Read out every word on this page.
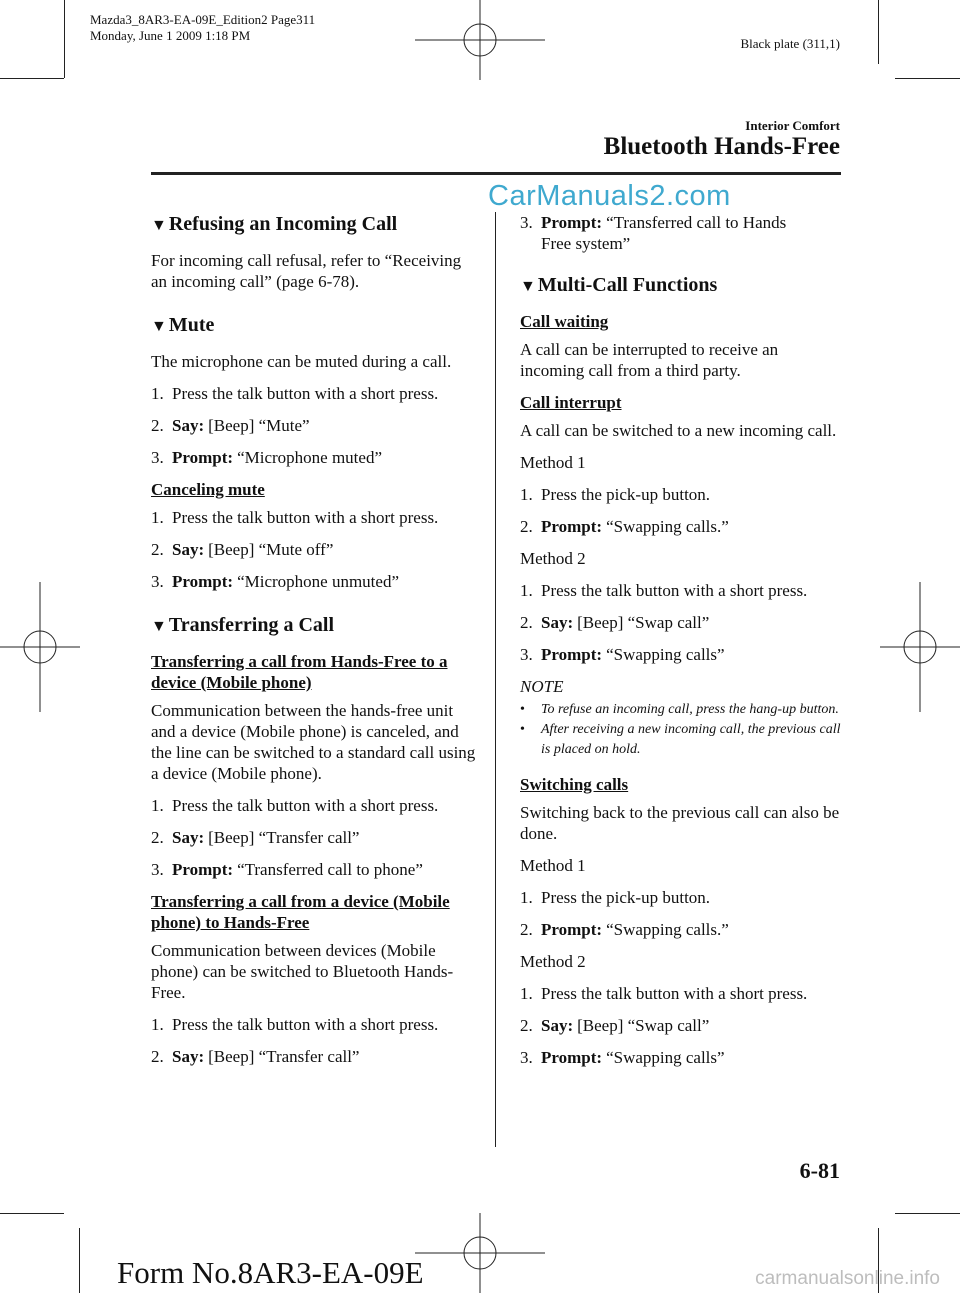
Mazda3_8AR3-EA-09E_Edition2 Page311
Monday, June 1 2009 1:18 PM
Black plate (311,1)
Interior Comfort
Bluetooth Hands-Free
CarManuals2.com
▼ Refusing an Incoming Call

For incoming call refusal, refer to “Receiving an incoming call” (page 6-78).

▼ Mute

The microphone can be muted during a call.

1. Press the talk button with a short press.
2. Say: [Beep] “Mute”
3. Prompt: “Microphone muted”

Canceling mute

1. Press the talk button with a short press.
2. Say: [Beep] “Mute off”
3. Prompt: “Microphone unmuted”
▼ Transferring a Call

Transferring a call from Hands-Free to a device (Mobile phone)

Communication between the hands-free unit and a device (Mobile phone) is canceled, and the line can be switched to a standard call using a device (Mobile phone).

1. Press the talk button with a short press.
2. Say: [Beep] “Transfer call”
3. Prompt: “Transferred call to phone”

Transferring a call from a device (Mobile phone) to Hands-Free

Communication between devices (Mobile phone) can be switched to Bluetooth Hands-Free.

1. Press the talk button with a short press.
2. Say: [Beep] “Transfer call”
3. Prompt: “Transferred call to Hands

Free system”

▼ Multi-Call Functions

Call waiting

A call can be interrupted to receive an incoming call from a third party.

Call interrupt

A call can be switched to a new incoming call.

Method 1

1. Press the pick-up button.
2. Prompt: “Swapping calls.”

Method 2

1. Press the talk button with a short press.
2. Say: [Beep] “Swap call”
3. Prompt: “Swapping calls”

NOTE

•	To refuse an incoming call, press the hang-up button.
•	After receiving a new incoming call, the previous call is placed on hold.

Switching calls

Switching back to the previous call can also be done.

Method 1

1. Press the pick-up button.
2. Prompt: “Swapping calls.”

Method 2

1. Press the talk button with a short press.
2. Say: [Beep] “Swap call”
3. Prompt: “Swapping calls”
6-81
Form No.8AR3-EA-09E	carmanualsonline.info
